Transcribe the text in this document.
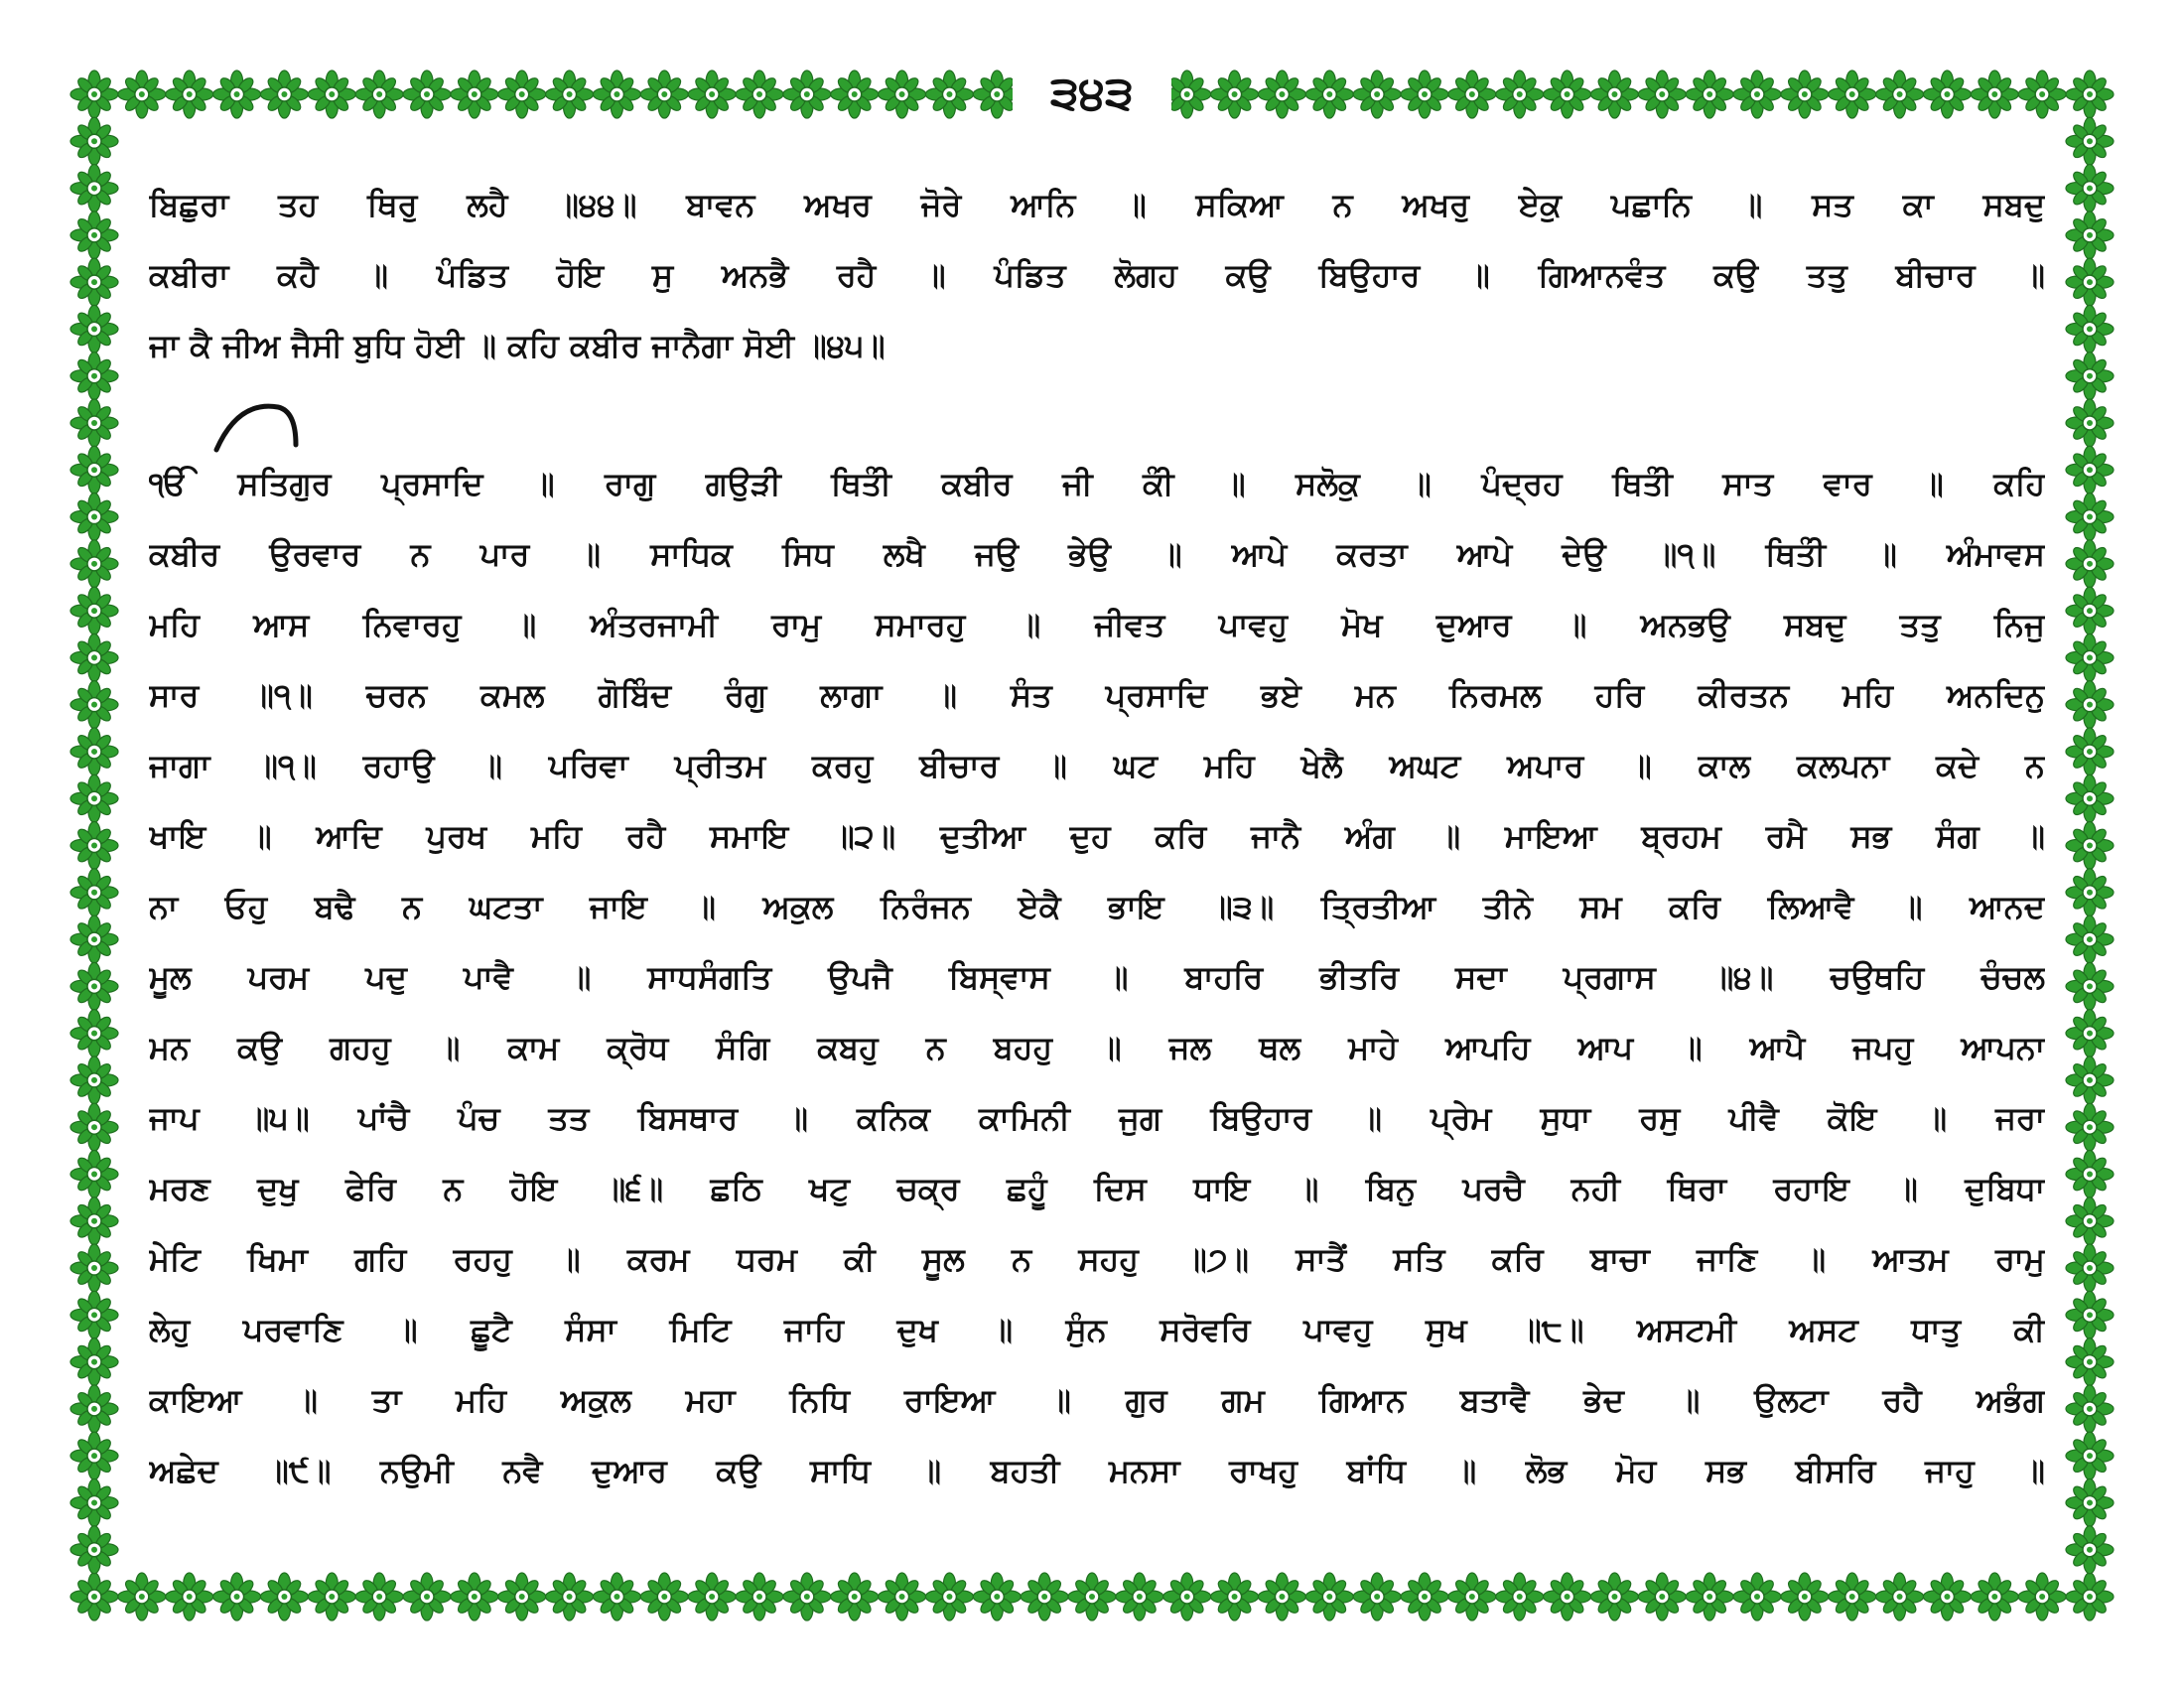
੩੪੩
ਬਿਛੁਰਾ ਤਹ ਥਿਰੁ ਲਹੈ ॥੪੪॥ ਬਾਵਨ ਅਖਰ ਜੋਰੇ ਆਨਿ ॥ ਸਕਿਆ ਨ ਅਖਰੁ ਏਕੁ ਪਛਾਨਿ ॥ ਸਤ ਕਾ ਸਬਦੁ
ਕਬੀਰਾ ਕਹੈ ॥ ਪੰਡਿਤ ਹੋਇ ਸੁ ਅਨਭੈ ਰਹੈ ॥ ਪੰਡਿਤ ਲੋਗਹ ਕਉ ਬਿਉਹਾਰ ॥ ਗਿਆਨਵੰਤ ਕਉ ਤਤੁ ਬੀਚਾਰ ॥
ਜਾ ਕੈ ਜੀਅ ਜੈਸੀ ਬੁਧਿ ਹੋਈ ॥ ਕਹਿ ਕਬੀਰ ਜਾਨੈਗਾ ਸੋਈ ॥੪੫॥
ੴ ਸਤਿਗੁਰ ਪ੍ਰਸਾਦਿ ॥ ਰਾਗੁ ਗਉੜੀ ਥਿਤੀੰ ਕਬੀਰ ਜੀ ਕੀੰ ॥ ਸਲੋਕੁ ॥ ਪੰਦ੍ਰਹ ਥਿਤੀੰ ਸਾਤ ਵਾਰ ॥ ਕਹਿ
ਕਬੀਰ ਉਰਵਾਰ ਨ ਪਾਰ ॥ ਸਾਧਿਕ ਸਿਧ ਲਖੈ ਜਉ ਭੇਉ ॥ ਆਪੇ ਕਰਤਾ ਆਪੇ ਦੇਉ ॥੧॥ ਥਿਤੀੰ ॥ ਅੰਮਾਵਸ
ਮਹਿ ਆਸ ਨਿਵਾਰਹੁ ॥ ਅੰਤਰਜਾਮੀ ਰਾਮੁ ਸਮਾਰਹੁ ॥ ਜੀਵਤ ਪਾਵਹੁ ਮੋਖ ਦੁਆਰ ॥ ਅਨਭਉ ਸਬਦੁ ਤਤੁ ਨਿਜੁ
ਸਾਰ ॥੧॥ ਚਰਨ ਕਮਲ ਗੋਬਿੰਦ ਰੰਗੁ ਲਾਗਾ ॥ ਸੰਤ ਪ੍ਰਸਾਦਿ ਭਏ ਮਨ ਨਿਰਮਲ ਹਰਿ ਕੀਰਤਨ ਮਹਿ ਅਨਦਿਨੁ
ਜਾਗਾ ॥੧॥ ਰਹਾਉ ॥ ਪਰਿਵਾ ਪ੍ਰੀਤਮ ਕਰਹੁ ਬੀਚਾਰ ॥ ਘਟ ਮਹਿ ਖੇਲੈ ਅਘਟ ਅਪਾਰ ॥ ਕਾਲ ਕਲਪਨਾ ਕਦੇ ਨ
ਖਾਇ ॥ ਆਦਿ ਪੁਰਖ ਮਹਿ ਰਹੈ ਸਮਾਇ ॥੨॥ ਦੁਤੀਆ ਦੁਹ ਕਰਿ ਜਾਨੈ ਅੰਗ ॥ ਮਾਇਆ ਬ੍ਰਹਮ ਰਮੈ ਸਭ ਸੰਗ ॥
ਨਾ ਓਹੁ ਬਢੈ ਨ ਘਟਤਾ ਜਾਇ ॥ ਅਕੁਲ ਨਿਰੰਜਨ ਏਕੈ ਭਾਇ ॥੩॥ ਤ੍ਰਿਤੀਆ ਤੀਨੇ ਸਮ ਕਰਿ ਲਿਆਵੈ ॥ ਆਨਦ
ਮੂਲ ਪਰਮ ਪਦੁ ਪਾਵੈ ॥ ਸਾਧਸੰਗਤਿ ਉਪਜੈ ਬਿਸ੍ਵਾਸ ॥ ਬਾਹਰਿ ਭੀਤਰਿ ਸਦਾ ਪ੍ਰਗਾਸ ॥੪॥ ਚਉਥਹਿ ਚੰਚਲ
ਮਨ ਕਉ ਗਹਹੁ ॥ ਕਾਮ ਕ੍ਰੋਧ ਸੰਗਿ ਕਬਹੁ ਨ ਬਹਹੁ ॥ ਜਲ ਥਲ ਮਾਹੇ ਆਪਹਿ ਆਪ ॥ ਆਪੈ ਜਪਹੁ ਆਪਨਾ
ਜਾਪ ॥੫॥ ਪਾਂਚੈ ਪੰਚ ਤਤ ਬਿਸਥਾਰ ॥ ਕਨਿਕ ਕਾਮਿਨੀ ਜੁਗ ਬਿਉਹਾਰ ॥ ਪ੍ਰੇਮ ਸੁਧਾ ਰਸੁ ਪੀਵੈ ਕੋਇ ॥ ਜਰਾ
ਮਰਣ ਦੁਖੁ ਫੇਰਿ ਨ ਹੋਇ ॥੬॥ ਛਠਿ ਖਟੁ ਚਕ੍ਰ ਛਹੂੰ ਦਿਸ ਧਾਇ ॥ ਬਿਨੁ ਪਰਚੈ ਨਹੀ ਥਿਰਾ ਰਹਾਇ ॥ ਦੁਬਿਧਾ
ਮੇਟਿ ਖਿਮਾ ਗਹਿ ਰਹਹੁ ॥ ਕਰਮ ਧਰਮ ਕੀ ਸੂਲ ਨ ਸਹਹੁ ॥੭॥ ਸਾਤੈਂ ਸਤਿ ਕਰਿ ਬਾਚਾ ਜਾਣਿ ॥ ਆਤਮ ਰਾਮੁ
ਲੇਹੁ ਪਰਵਾਣਿ ॥ ਛੂਟੈ ਸੰਸਾ ਮਿਟਿ ਜਾਹਿ ਦੁਖ ॥ ਸੁੰਨ ਸਰੋਵਰਿ ਪਾਵਹੁ ਸੁਖ ॥੮॥ ਅਸਟਮੀ ਅਸਟ ਧਾਤੁ ਕੀ
ਕਾਇਆ ॥ ਤਾ ਮਹਿ ਅਕੁਲ ਮਹਾ ਨਿਧਿ ਰਾਇਆ ॥ ਗੁਰ ਗਮ ਗਿਆਨ ਬਤਾਵੈ ਭੇਦ ॥ ਉਲਟਾ ਰਹੈ ਅਭੰਗ
ਅਛੇਦ ॥੯॥ ਨਉਮੀ ਨਵੈ ਦੁਆਰ ਕਉ ਸਾਧਿ ॥ ਬਹਤੀ ਮਨਸਾ ਰਾਖਹੁ ਬਾਂਧਿ ॥ ਲੋਭ ਮੋਹ ਸਭ ਬੀਸਰਿ ਜਾਹੁ ॥
